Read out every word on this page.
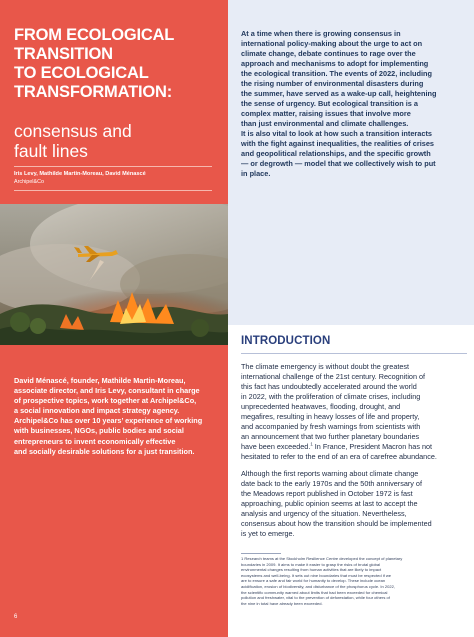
FROM ECOLOGICAL
TRANSITION
TO ECOLOGICAL
TRANSFORMATION:
consensus and
fault lines
Iris Levy, Mathilde Martin-Moreau, David Ménascé
Archipel&Co
David Ménascé, founder, Mathilde Martin-Moreau,
associate director, and Iris Levy, consultant in charge
of prospective topics, work together at Archipel&Co,
a social innovation and impact strategy agency.
Archipel&Co has over 10 years’ experience of working
with businesses, NGOs, public bodies and social
entrepreneurs to invent economically effective
and socially desirable solutions for a just transition.
6
At a time when there is growing consensus in
international policy-making about the urge to act on
climate change, debate continues to rage over the
approach and mechanisms to adopt for implementing
the ecological transition. The events of 2022, including
the rising number of environmental disasters during
the summer, have served as a wake-up call, heightening
the sense of urgency. But ecological transition is a
complex matter, raising issues that involve more
than just environmental and climate challenges.
It is also vital to look at how such a transition interacts
with the fight against inequalities, the realities of crises
and geopolitical relationships, and the specific growth
— or degrowth — model that we collectively wish to put
in place.
INTRODUCTION
The climate emergency is without doubt the greatest
international challenge of the 21st century. Recognition of
this fact has undoubtedly accelerated around the world
in 2022, with the proliferation of climate crises, including
unprecedented heatwaves, flooding, drought, and
megafires, resulting in heavy losses of life and property,
and accompanied by fresh warnings from scientists with
an announcement that two further planetary boundaries
have been exceeded.$^1$ In France, President Macron has not
hesitated to refer to the end of an era of carefree abundance.
Although the first reports warning about climate change
date back to the early 1970s and the 50th anniversary of
the Meadows report published in October 1972 is fast
approaching, public opinion seems at last to accept the
analysis and urgency of the situation. Nevertheless,
consensus about how the transition should be implemented
is yet to emerge.
1 Research teams at the Stockholm Resilience Centre developed the concept of planetary
boundaries in 2009. It aims to make it easier to grasp the risks of brutal global
environmental changes resulting from human activities that are likely to impact
ecosystems and well-being. It sets out nine boundaries that must be respected if we
are to ensure a safe and fair world for humanity to develop. These include ocean
acidification, erosion of biodiversity, and disturbance of the phosphorus cycle. In 2022,
the scientific community warned about limits that had been exceeded for chemical
pollution and freshwater, vital to the prevention of deforestation, while four others of
the nine in total have already been exceeded.
